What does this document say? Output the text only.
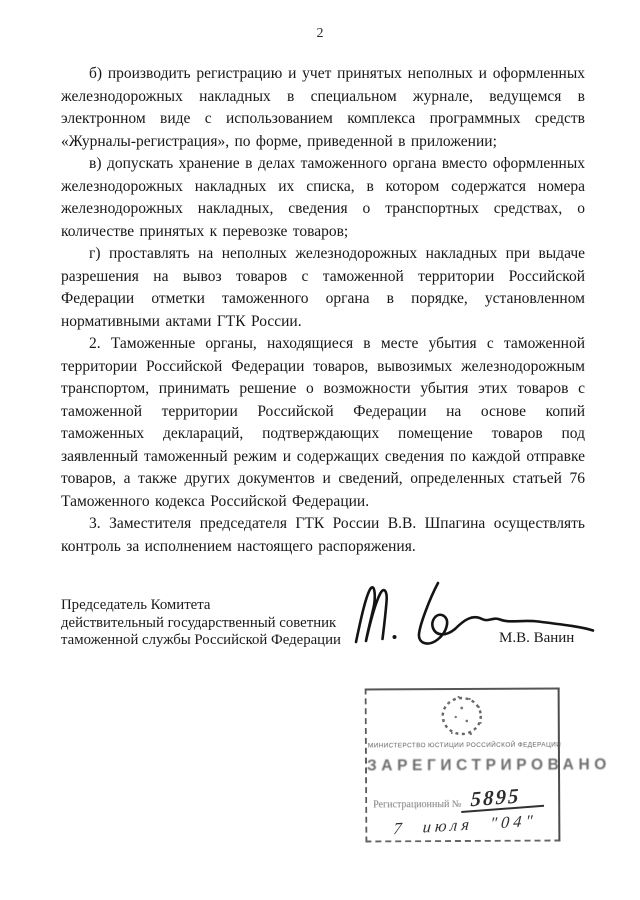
2

б) производить регистрацию и учет принятых неполных и оформленных железнодорожных накладных в специальном журнале, ведущемся в электронном виде с использованием комплекса программных средств «Журналы-регистрация», по форме, приведенной в приложении;

в) допускать хранение в делах таможенного органа вместо оформленных железнодорожных накладных их списка, в котором содержатся номера железнодорожных накладных, сведения о транспортных средствах, о количестве принятых к перевозке товаров;

г) проставлять на неполных железнодорожных накладных при выдаче разрешения на вывоз товаров с таможенной территории Российской Федерации отметки таможенного органа в порядке, установленном нормативными актами ГТК России.

2. Таможенные органы, находящиеся в месте убытия с таможенной территории Российской Федерации товаров, вывозимых железнодорожным транспортом, принимать решение о возможности убытия этих товаров с таможенной территории Российской Федерации на основе копий таможенных деклараций, подтверждающих помещение товаров под заявленный таможенный режим и содержащих сведения по каждой отправке товаров, а также других документов и сведений, определенных статьей 76 Таможенного кодекса Российской Федерации.

3. Заместителя председателя ГТК России В.В. Шпагина осуществлять контроль за исполнением настоящего распоряжения.

Председатель Комитета
действительный государственный советник
таможенной службы Российской Федерации	М.В. Ванин
МИНИСТЕРСТВО ЮСТИЦИИ РОССИЙСКОЙ ФЕДЕРАЦИИ
ЗАРЕГИСТРИРОВАНО
Регистрационный № 5895
7 июля "04"
